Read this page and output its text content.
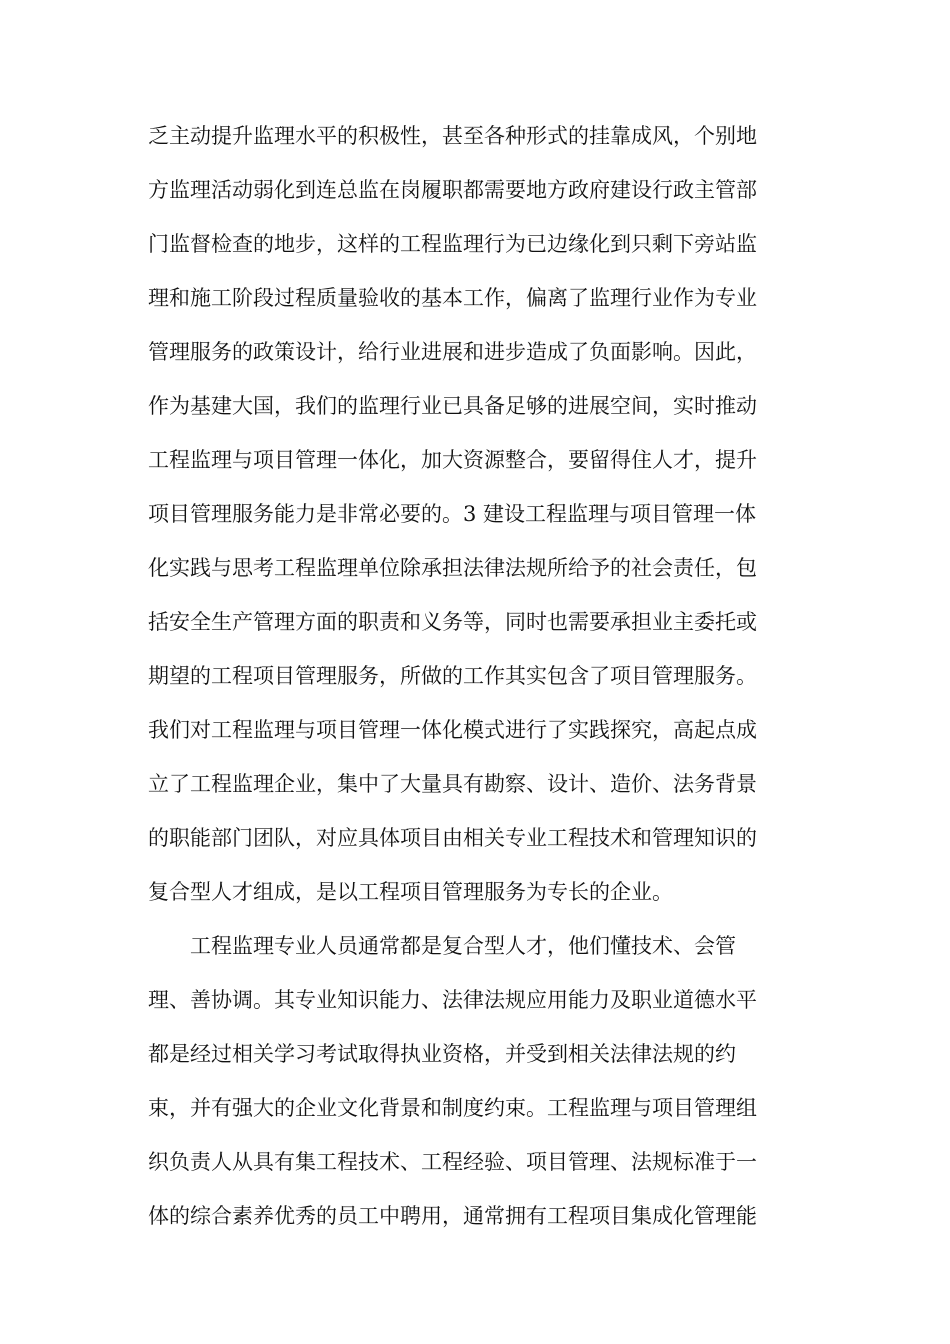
乏主动提升监理水平的积极性，甚至各种形式的挂靠成风，个别地
方监理活动弱化到连总监在岗履职都需要地方政府建设行政主管部
门监督检查的地步，这样的工程监理行为已边缘化到只剩下旁站监
理和施工阶段过程质量验收的基本工作，偏离了监理行业作为专业
管理服务的政策设计，给行业进展和进步造成了负面影响。因此，
作为基建大国，我们的监理行业已具备足够的进展空间，实时推动
工程监理与项目管理一体化，加大资源整合，要留得住人才，提升
项目管理服务能力是非常必要的。3 建设工程监理与项目管理一体
化实践与思考工程监理单位除承担法律法规所给予的社会责任，包
括安全生产管理方面的职责和义务等，同时也需要承担业主委托或
期望的工程项目管理服务，所做的工作其实包含了项目管理服务。
我们对工程监理与项目管理一体化模式进行了实践探究，高起点成
立了工程监理企业，集中了大量具有勘察、设计、造价、法务背景
的职能部门团队，对应具体项目由相关专业工程技术和管理知识的
复合型人才组成，是以工程项目管理服务为专长的企业。
工程监理专业人员通常都是复合型人才，他们懂技术、会管
理、善协调。其专业知识能力、法律法规应用能力及职业道德水平
都是经过相关学习考试取得执业资格，并受到相关法律法规的约
束，并有强大的企业文化背景和制度约束。工程监理与项目管理组
织负责人从具有集工程技术、工程经验、项目管理、法规标准于一
体的综合素养优秀的员工中聘用，通常拥有工程项目集成化管理能
